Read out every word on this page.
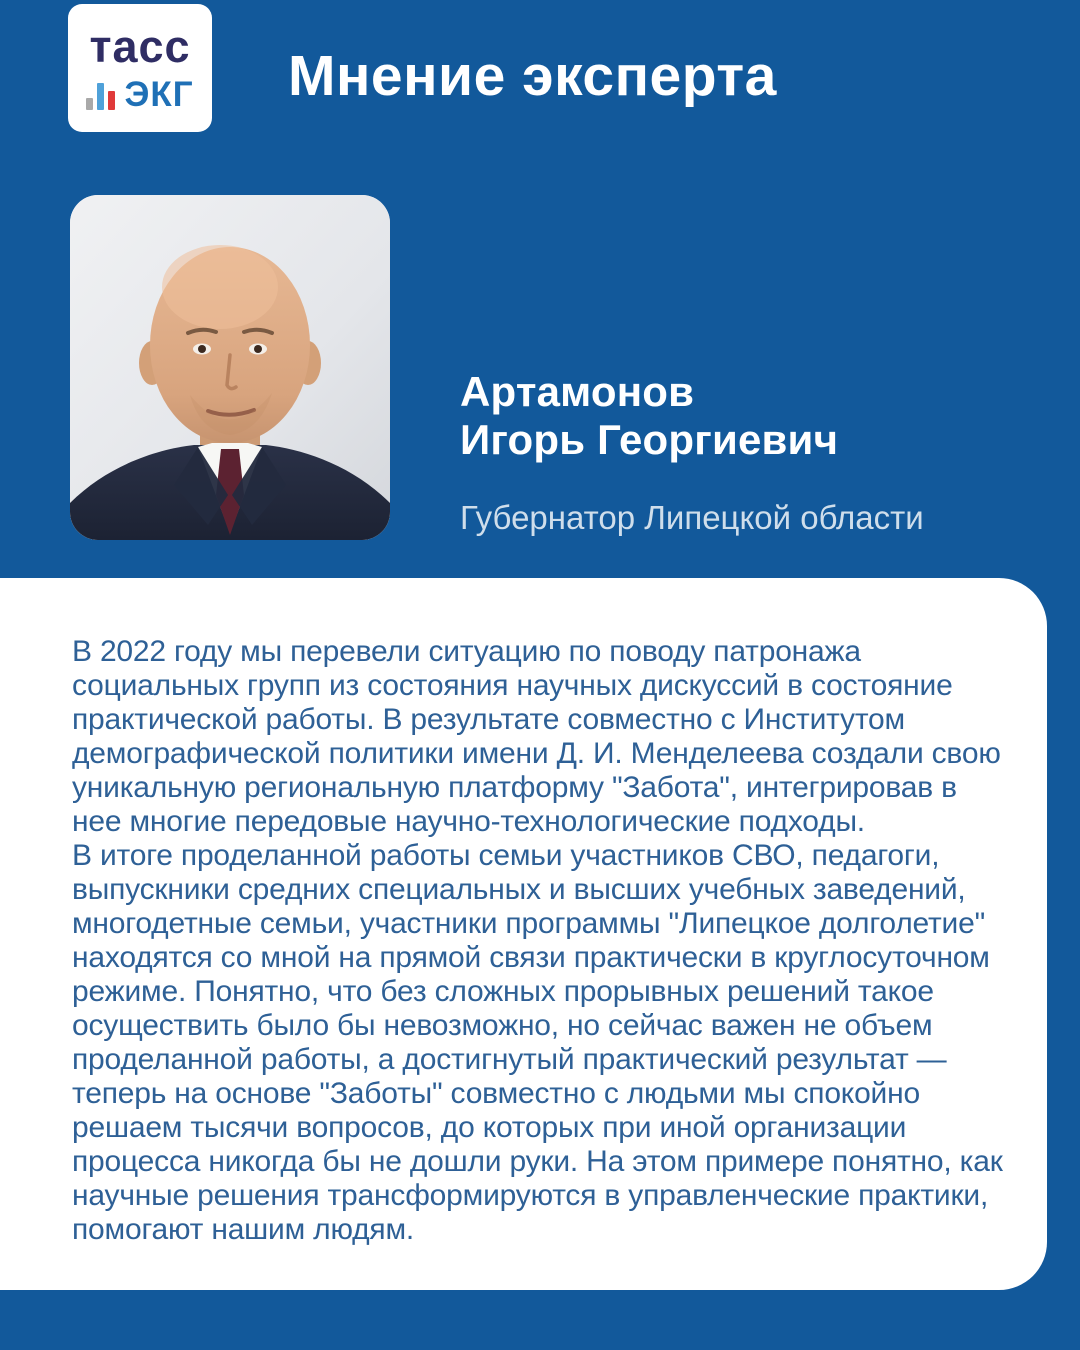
тасс
ЭКГ Мнение эксперта
Артамонов
Игорь Георгиевич
Губернатор Липецкой области

В 2022 году мы перевели ситуацию по поводу патронажа социальных групп из состояния научных дискуссий в состояние практической работы. В результате совместно с Институтом демографической политики имени Д. И. Менделеева создали свою уникальную региональную платформу "Забота", интегрировав в нее многие передовые научно-технологические подходы.

В итоге проделанной работы семьи участников СВО, педагоги, выпускники средних специальных и высших учебных заведений, многодетные семьи, участники программы "Липецкое долголетие" находятся со мной на прямой связи практически в круглосуточном режиме. Понятно, что без сложных прорывных решений такое осуществить было бы невозможно, но сейчас важен не объем проделанной работы, а достигнутый практический результат — теперь на основе "Заботы" совместно с людьми мы спокойно решаем тысячи вопросов, до которых при иной организации процесса никогда бы не дошли руки. На этом примере понятно, как научные решения трансформируются в управленческие практики, помогают нашим людям.
